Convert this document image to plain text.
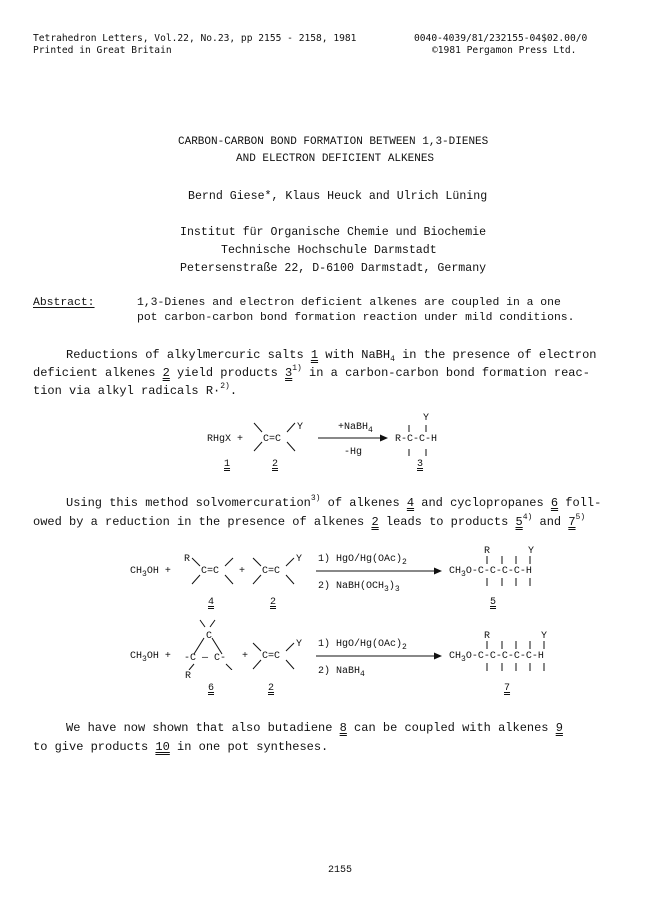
Tetrahedron Letters, Vol.22, No.23, pp 2155 - 2158, 1981
Printed in Great Britain
0040-4039/81/232155-04$02.00/0
©1981 Pergamon Press Ltd.
CARBON-CARBON BOND FORMATION BETWEEN 1,3-DIENES
AND ELECTRON DEFICIENT ALKENES
Bernd Giese*, Klaus Heuck and Ulrich Lüning
Institut für Organische Chemie und Biochemie
Technische Hochschule Darmstadt
Petersenstraße 22, D-6100 Darmstadt, Germany
Abstract:	1,3-Dienes and electron deficient alkenes are coupled in a one
pot carbon-carbon bond formation reaction under mild conditions.
Reductions of alkylmercuric salts 1 with NaBH$_4$ in the presence of electron
deficient alkenes 2 yield products 3$^{1)}$ in a carbon-carbon bond formation reac-
tion via alkyl radicals R·$^{2)}$.
RHgX + C=C
Y	+NaBH$_4$
-Hg
Y
R-C-C-H
1	2	3
Using this method solvomercuration$^{3)}$ of alkenes 4 and cyclopropanes 6 foll-
owed by a reduction in the presence of alkenes 2 leads to products 5$^{4)}$ and 7$^{5)}$
$CH_3OH$ +
R
C=C + C=C
Y 1) HgO/$Hg(OAc)_2$
2) $NaBH(OCH_3)_3$
R	Y
$CH_3O-C-C-C-C-H$
4	2	5
$CH_3OH$ +
C
-C — C-
R
+ C=C
Y 1) HgO/$Hg(OAc)_2$
2) NaBH$_4$
R	Y
$CH_3O-C-C-C-C-C-H$
6	2	7
We have now shown that also butadiene 8 can be coupled with alkenes 9
to give products 10 in one pot syntheses.
2155
